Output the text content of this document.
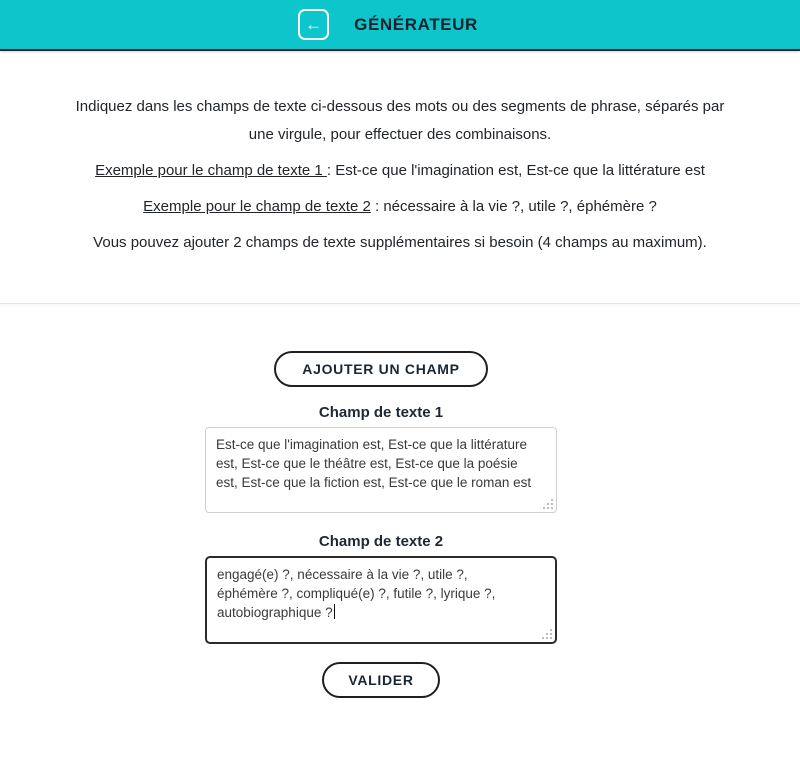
← GÉNÉRATEUR

Indiquez dans les champs de texte ci-dessous des mots ou des segments de phrase, séparés par une virgule, pour effectuer des combinaisons.

Exemple pour le champ de texte 1 : Est-ce que l'imagination est, Est-ce que la littérature est

Exemple pour le champ de texte 2 : nécessaire à la vie ?, utile ?, éphémère ?

Vous pouvez ajouter 2 champs de texte supplémentaires si besoin (4 champs au maximum).

AJOUTER UN CHAMP
Champ de texte 1
Est-ce que l'imagination est, Est-ce que la littérature est, Est-ce que le théâtre est, Est-ce que la poésie est, Est-ce que la fiction est, Est-ce que le roman est
Champ de texte 2
engagé(e) ?, nécessaire à la vie ?, utile ?, éphémère ?, compliqué(e) ?, futile ?, lyrique ?, autobiographique ?
VALIDER
